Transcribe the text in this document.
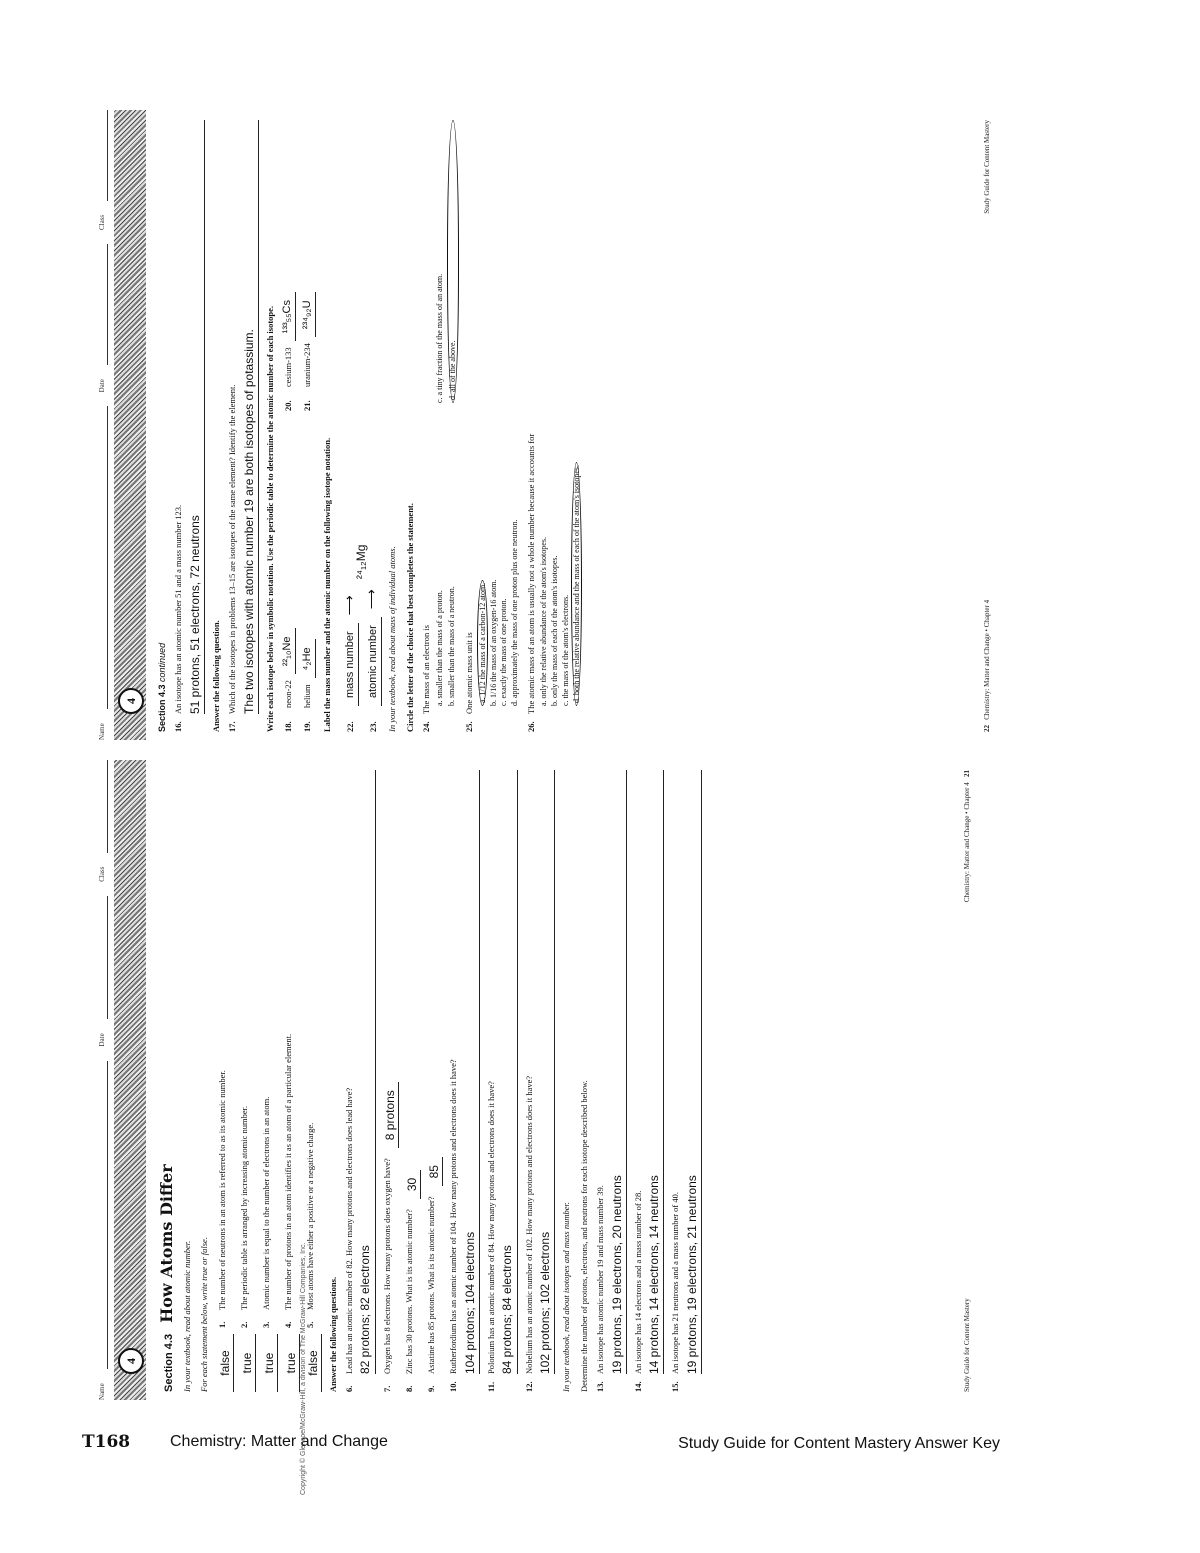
T168 Chemistry: Matter and Change	Study Guide for Content Mastery Answer Key
Copyright © Glencoe/McGraw-Hill, a division of The McGraw-Hill Companies, Inc.
Name
Date
Class
4	Section 4.3 How Atoms Differ In your textbook, read about atomic number. For each statement below, write true or false. false
1.
The number of neutrons in an atom is referred to as its atomic number.
true
2.
The periodic table is arranged by increasing atomic number.
true
3.
Atomic number is equal to the number of electrons in an atom.
true
4.
The number of protons in an atom identifies it as an atom of a particular element.
false
5.
Most atoms have either a positive or a negative charge.
Answer the following questions. 6.
Lead has an atomic number of 82. How many protons and electrons does lead have? 82 protons; 82 electrons
7.
Oxygen has 8 electrons. How many protons does oxygen have?
8 protons
8.
Zinc has 30 protons. What is its atomic number?
30
9.
Astatine has 85 protons. What is its atomic number?
85
10.
Rutherfordium has an atomic number of 104. How many protons and electrons does it have? 104 protons; 104 electrons
11.
Polonium has an atomic number of 84. How many protons and electrons does it have? 84 protons; 84 electrons
12.
Nobelium has an atomic number of 102. How many protons and electrons does it have? 102 protons; 102 electrons	In your textbook, read about isotopes and mass number. Determine the number of protons, electrons, and neutrons for each isotope described below. 13.
An isotope has atomic number 19 and mass number 39. 19 protons, 19 electrons, 20 neutrons
14.
An isotope has 14 electrons and a mass number of 28. 14 protons, 14 electrons, 14 neutrons
15.
An isotope has 21 neutrons and a mass number of 40. 19 protons, 19 electrons, 21 neutrons	Study Guide for Content Mastery
Chemistry: Matter and Change • Chapter 4   21
Name
Date
Class
4	Section 4.3 continued
16.
An isotope has an atomic number 51 and a mass number 123. 51 protons, 51 electrons, 72 neutrons	Answer the following question. 17.
Which of the isotopes in problems 13–15 are isotopes of the same element? Identify the element. The two isotopes with atomic number 19 are both isotopes of potassium.	Write each isotope below in symbolic notation. Use the periodic table to determine the atomic number of each isotope. 18.
neon-22
²²₁₀Ne
20.
cesium-133
¹³³₅₅Cs
19.
helium
⁴₂He
21.
uranium-234
²³⁴₉₂U
Label the mass number and the atomic number on the following isotope notation. 22.
mass number
⟶
23.
atomic number
⟶
²⁴₁₂Mg In your textbook, read about mass of individual atoms. Circle the letter of the choice that best completes the statement. 24.
The mass of an electron is a. smaller than the mass of a proton.
c. a tiny fraction of the mass of an atom.
b. smaller than the mass of a neutron.
d. all of the above.
25.
One atomic mass unit is a. 1/12 the mass of a carbon-12 atom. b. 1/16 the mass of an oxygen-16 atom. c. exactly the mass of one proton. d. approximately the mass of one proton plus one neutron.
26.
The atomic mass of an atom is usually not a whole number because it accounts for a. only the relative abundance of the atom's isotopes. b. only the mass of each of the atom's isotopes. c. the mass of the atom's electrons. d. both the relative abundance and the mass of each of the atom's isotopes.
22   Chemistry: Matter and Change • Chapter 4
Study Guide for Content Mastery
